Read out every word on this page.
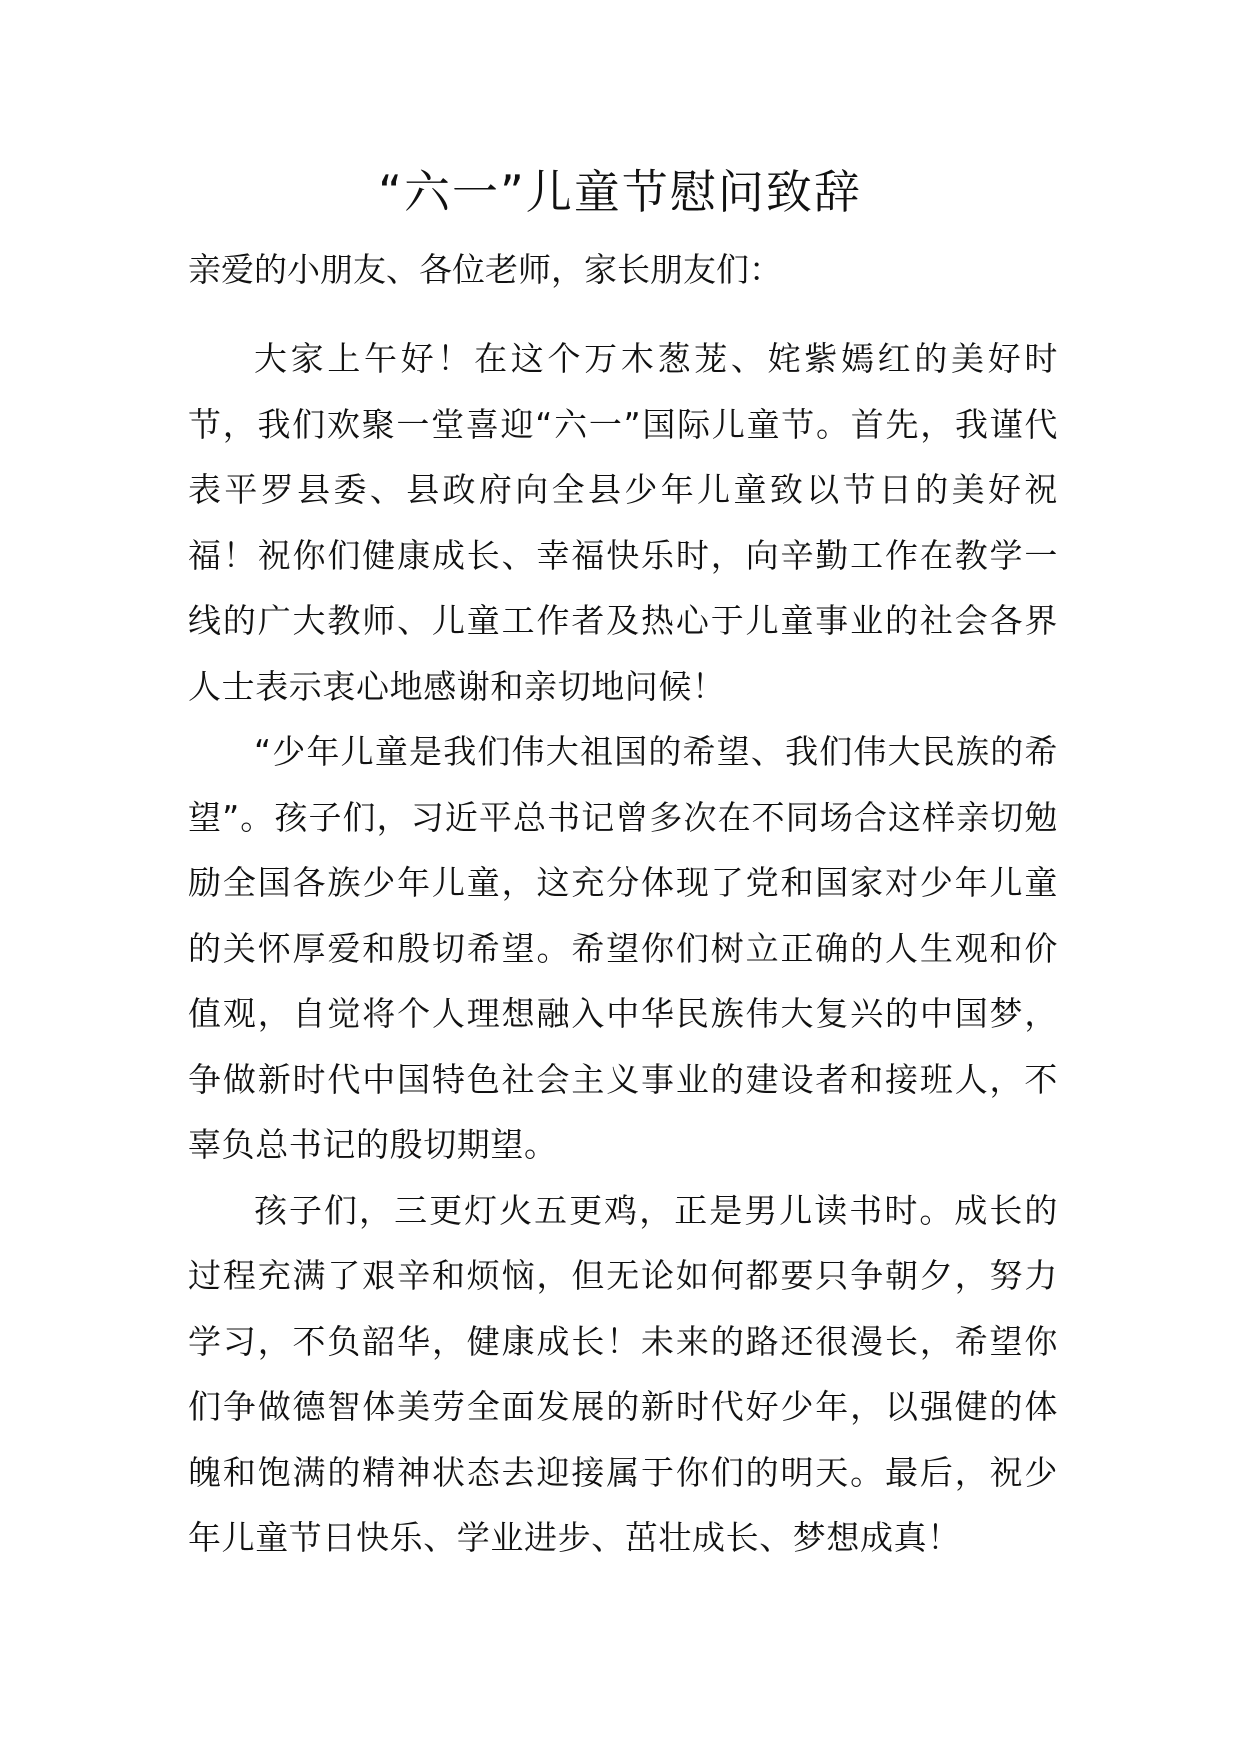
“六一”儿童节慰问致辞

亲爱的小朋友、各位老师，家长朋友们：

大家上午好！在这个万木葱茏、姹紫嫣红的美好时节，我们欢聚一堂喜迎“六一”国际儿童节。首先，我谨代表平罗县委、县政府向全县少年儿童致以节日的美好祝福！祝你们健康成长、幸福快乐时，向辛勤工作在教学一线的广大教师、儿童工作者及热心于儿童事业的社会各界人士表示衷心地感谢和亲切地问候！

“少年儿童是我们伟大祖国的希望、我们伟大民族的希望”。孩子们，习近平总书记曾多次在不同场合这样亲切勉励全国各族少年儿童，这充分体现了党和国家对少年儿童的关怀厚爱和殷切希望。希望你们树立正确的人生观和价值观，自觉将个人理想融入中华民族伟大复兴的中国梦，争做新时代中国特色社会主义事业的建设者和接班人，不辜负总书记的殷切期望。

孩子们，三更灯火五更鸡，正是男儿读书时。成长的过程充满了艰辛和烦恼，但无论如何都要只争朝夕，努力学习，不负韶华，健康成长！未来的路还很漫长，希望你们争做德智体美劳全面发展的新时代好少年，以强健的体魄和饱满的精神状态去迎接属于你们的明天。最后，祝少年儿童节日快乐、学业进步、茁壮成长、梦想成真！
